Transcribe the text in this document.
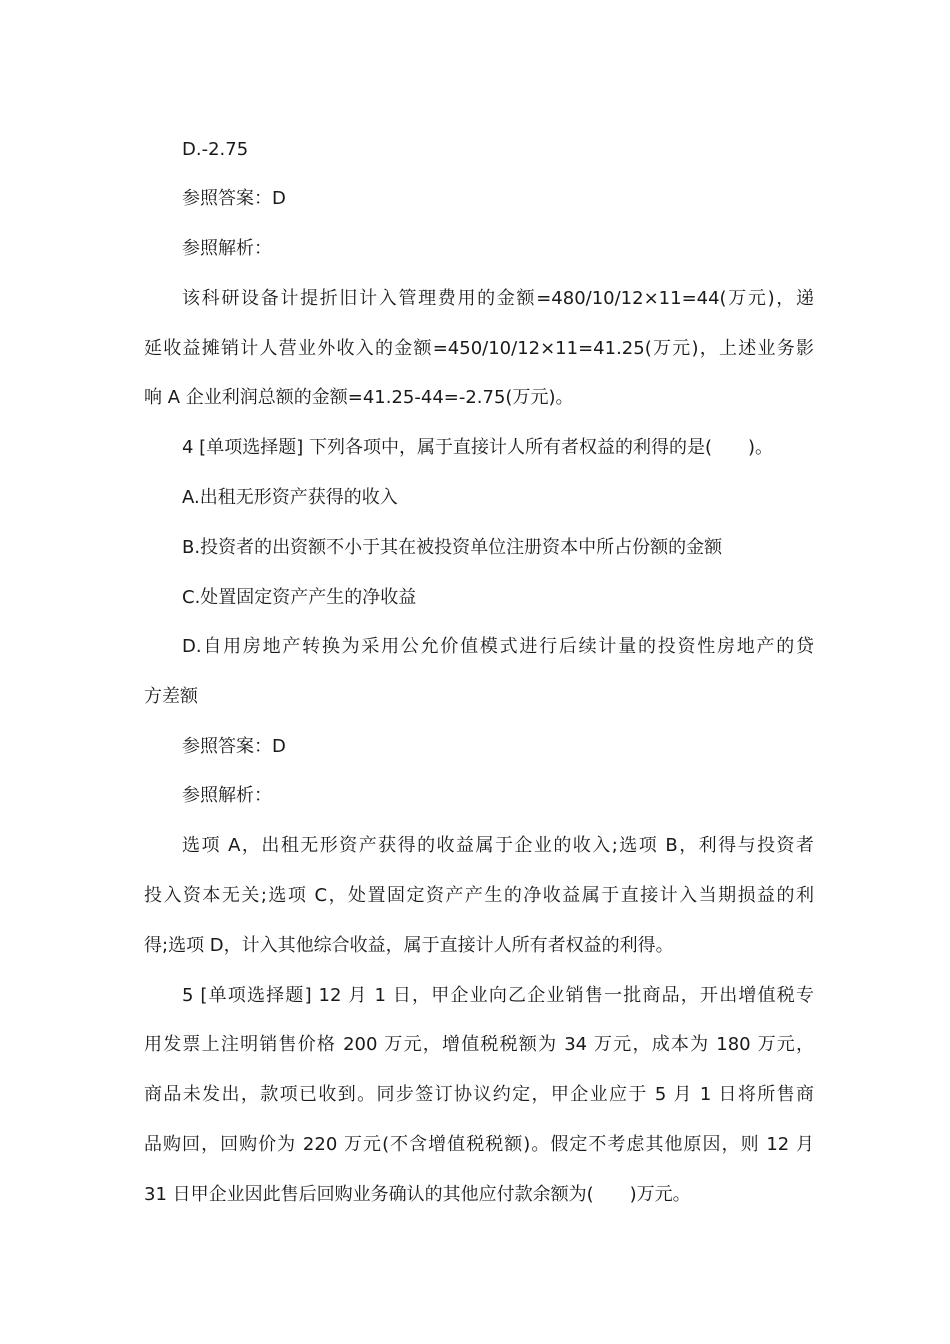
D.-2.75
参照答案：D
参照解析：
该科研设备计提折旧计入管理费用的金额=480/10/12×11=44(万元)，递
延收益摊销计人营业外收入的金额=450/10/12×11=41.25(万元)，上述业务影
响 A 企业利润总额的金额=41.25-44=-2.75(万元)。
4 [单项选择题] 下列各项中，属于直接计人所有者权益的利得的是(　　)。
A.出租无形资产获得的收入
B.投资者的出资额不小于其在被投资单位注册资本中所占份额的金额
C.处置固定资产产生的净收益
D.自用房地产转换为采用公允价值模式进行后续计量的投资性房地产的贷
方差额
参照答案：D
参照解析：
选项 A，出租无形资产获得的收益属于企业的收入;选项 B，利得与投资者
投入资本无关;选项 C，处置固定资产产生的净收益属于直接计入当期损益的利
得;选项 D，计入其他综合收益，属于直接计人所有者权益的利得。
5 [单项选择题] 12 月 1 日，甲企业向乙企业销售一批商品，开出增值税专
用发票上注明销售价格 200 万元，增值税税额为 34 万元，成本为 180 万元，
商品未发出，款项已收到。同步签订协议约定，甲企业应于 5 月 1 日将所售商
品购回，回购价为 220 万元(不含增值税税额)。假定不考虑其他原因，则 12 月
31 日甲企业因此售后回购业务确认的其他应付款余额为(　　)万元。
